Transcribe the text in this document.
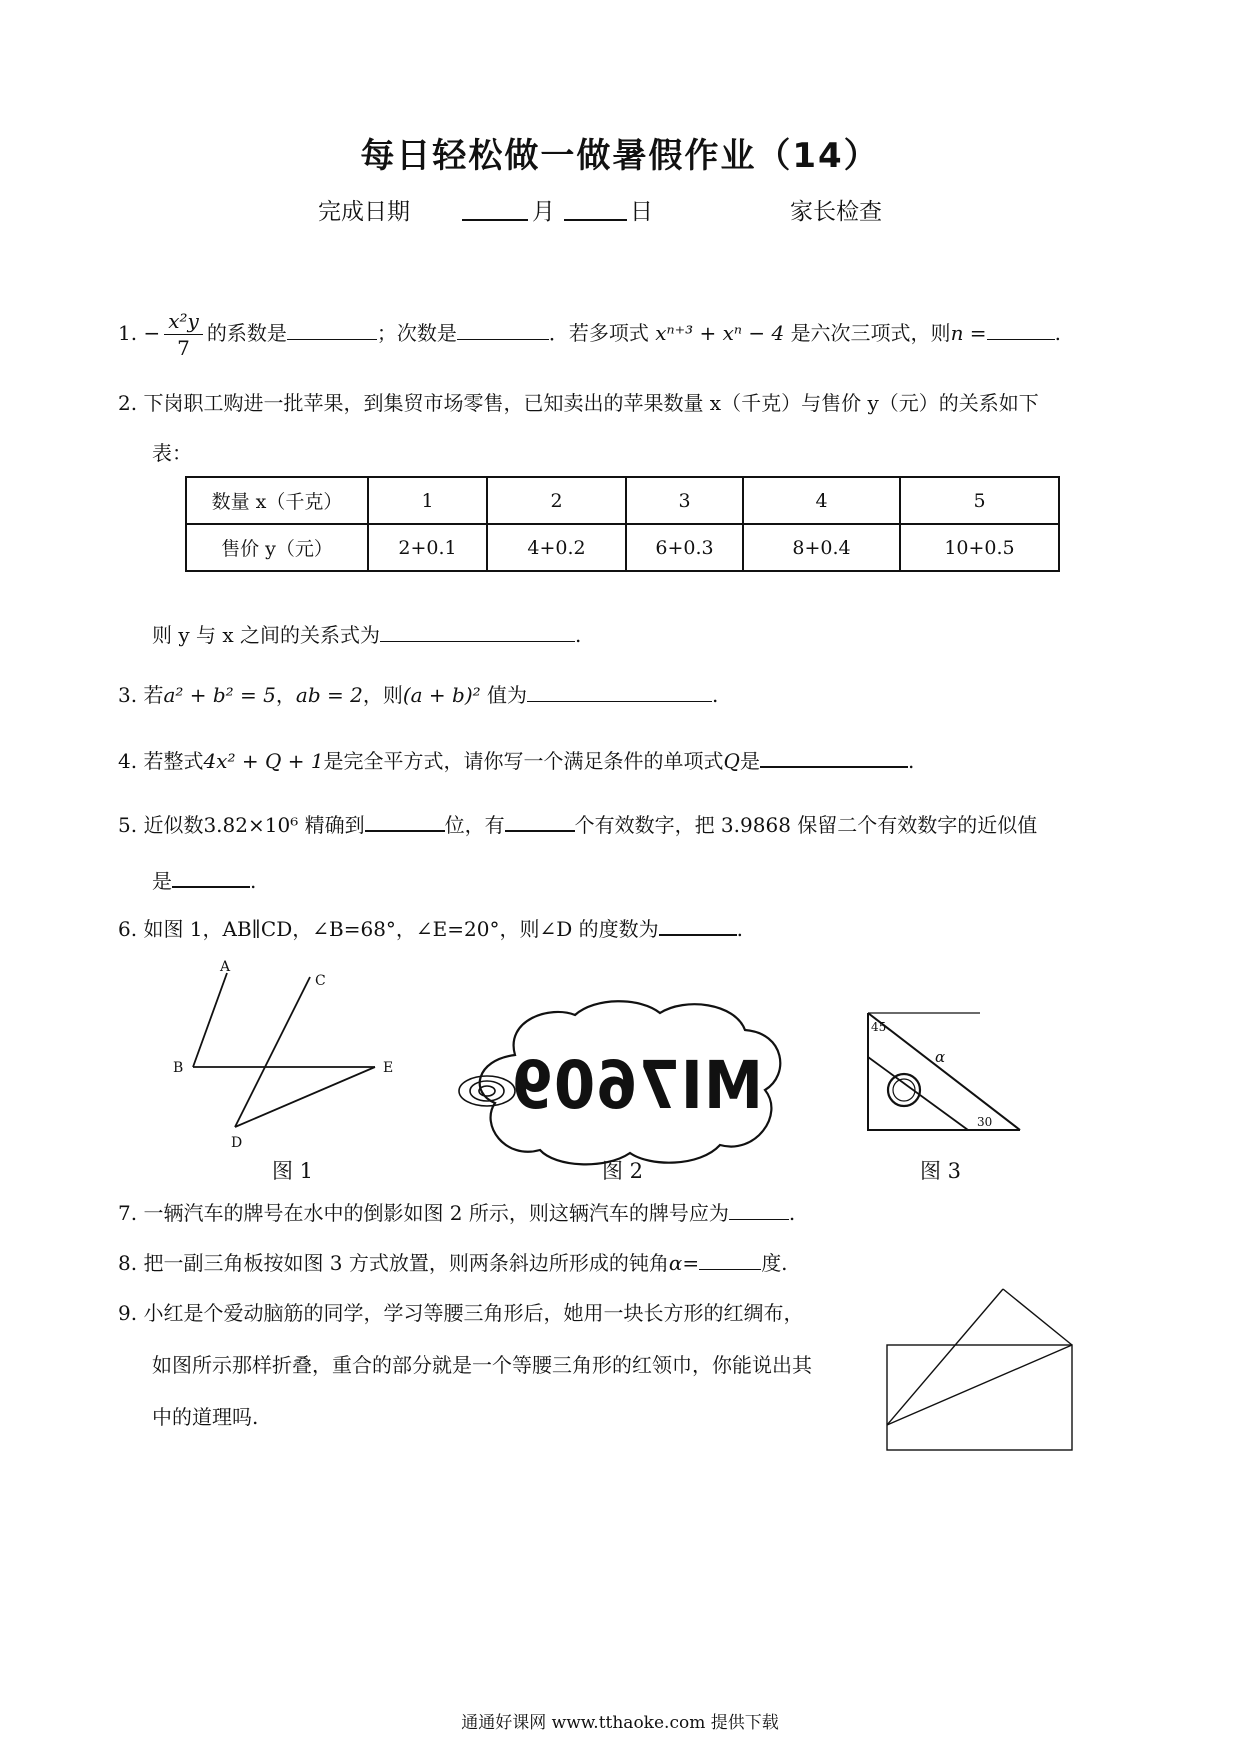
每日轻松做一做暑假作业（14）
完成日期	月	日	家长检查
1. − $\frac{\text{x²y}}{7}$ 的系数是	；次数是	．若多项式 xⁿ⁺³ + xⁿ − 4 是六次三项式，则n =	.
2. 下岗职工购进一批苹果，到集贸市场零售，已知卖出的苹果数量 x（千克）与售价 y（元）的关系如下
表：
数量 x（千克）	1	2	3	4	5
售价 y（元）	2+0.1	4+0.2	6+0.3	8+0.4	10+0.5
则 y 与 x 之间的关系式为	.
3. 若a² + b² = 5，ab = 2，则(a + b)² 值为	.
4. 若整式4x² + Q + 1是完全平方式，请你写一个满足条件的单项式Q是	.
5. 近似数3.82×10⁶ 精确到	位，有	个有效数字，把 3.9868 保留二个有效数字的近似值
是	.
6. 如图 1，AB∥CD，∠B=68°，∠E=20°，则∠D 的度数为	.
A
B
C
D
E
图 1
MI7609
图 2
45
30
α
图 3
7. 一辆汽车的牌号在水中的倒影如图 2 所示，则这辆汽车的牌号应为	.
8. 把一副三角板按如图 3 方式放置，则两条斜边所形成的钝角α=	度.
9. 小红是个爱动脑筋的同学，学习等腰三角形后，她用一块长方形的红绸布，
如图所示那样折叠，重合的部分就是一个等腰三角形的红领巾，你能说出其
中的道理吗.
通通好课网 www.tthaoke.com 提供下载
